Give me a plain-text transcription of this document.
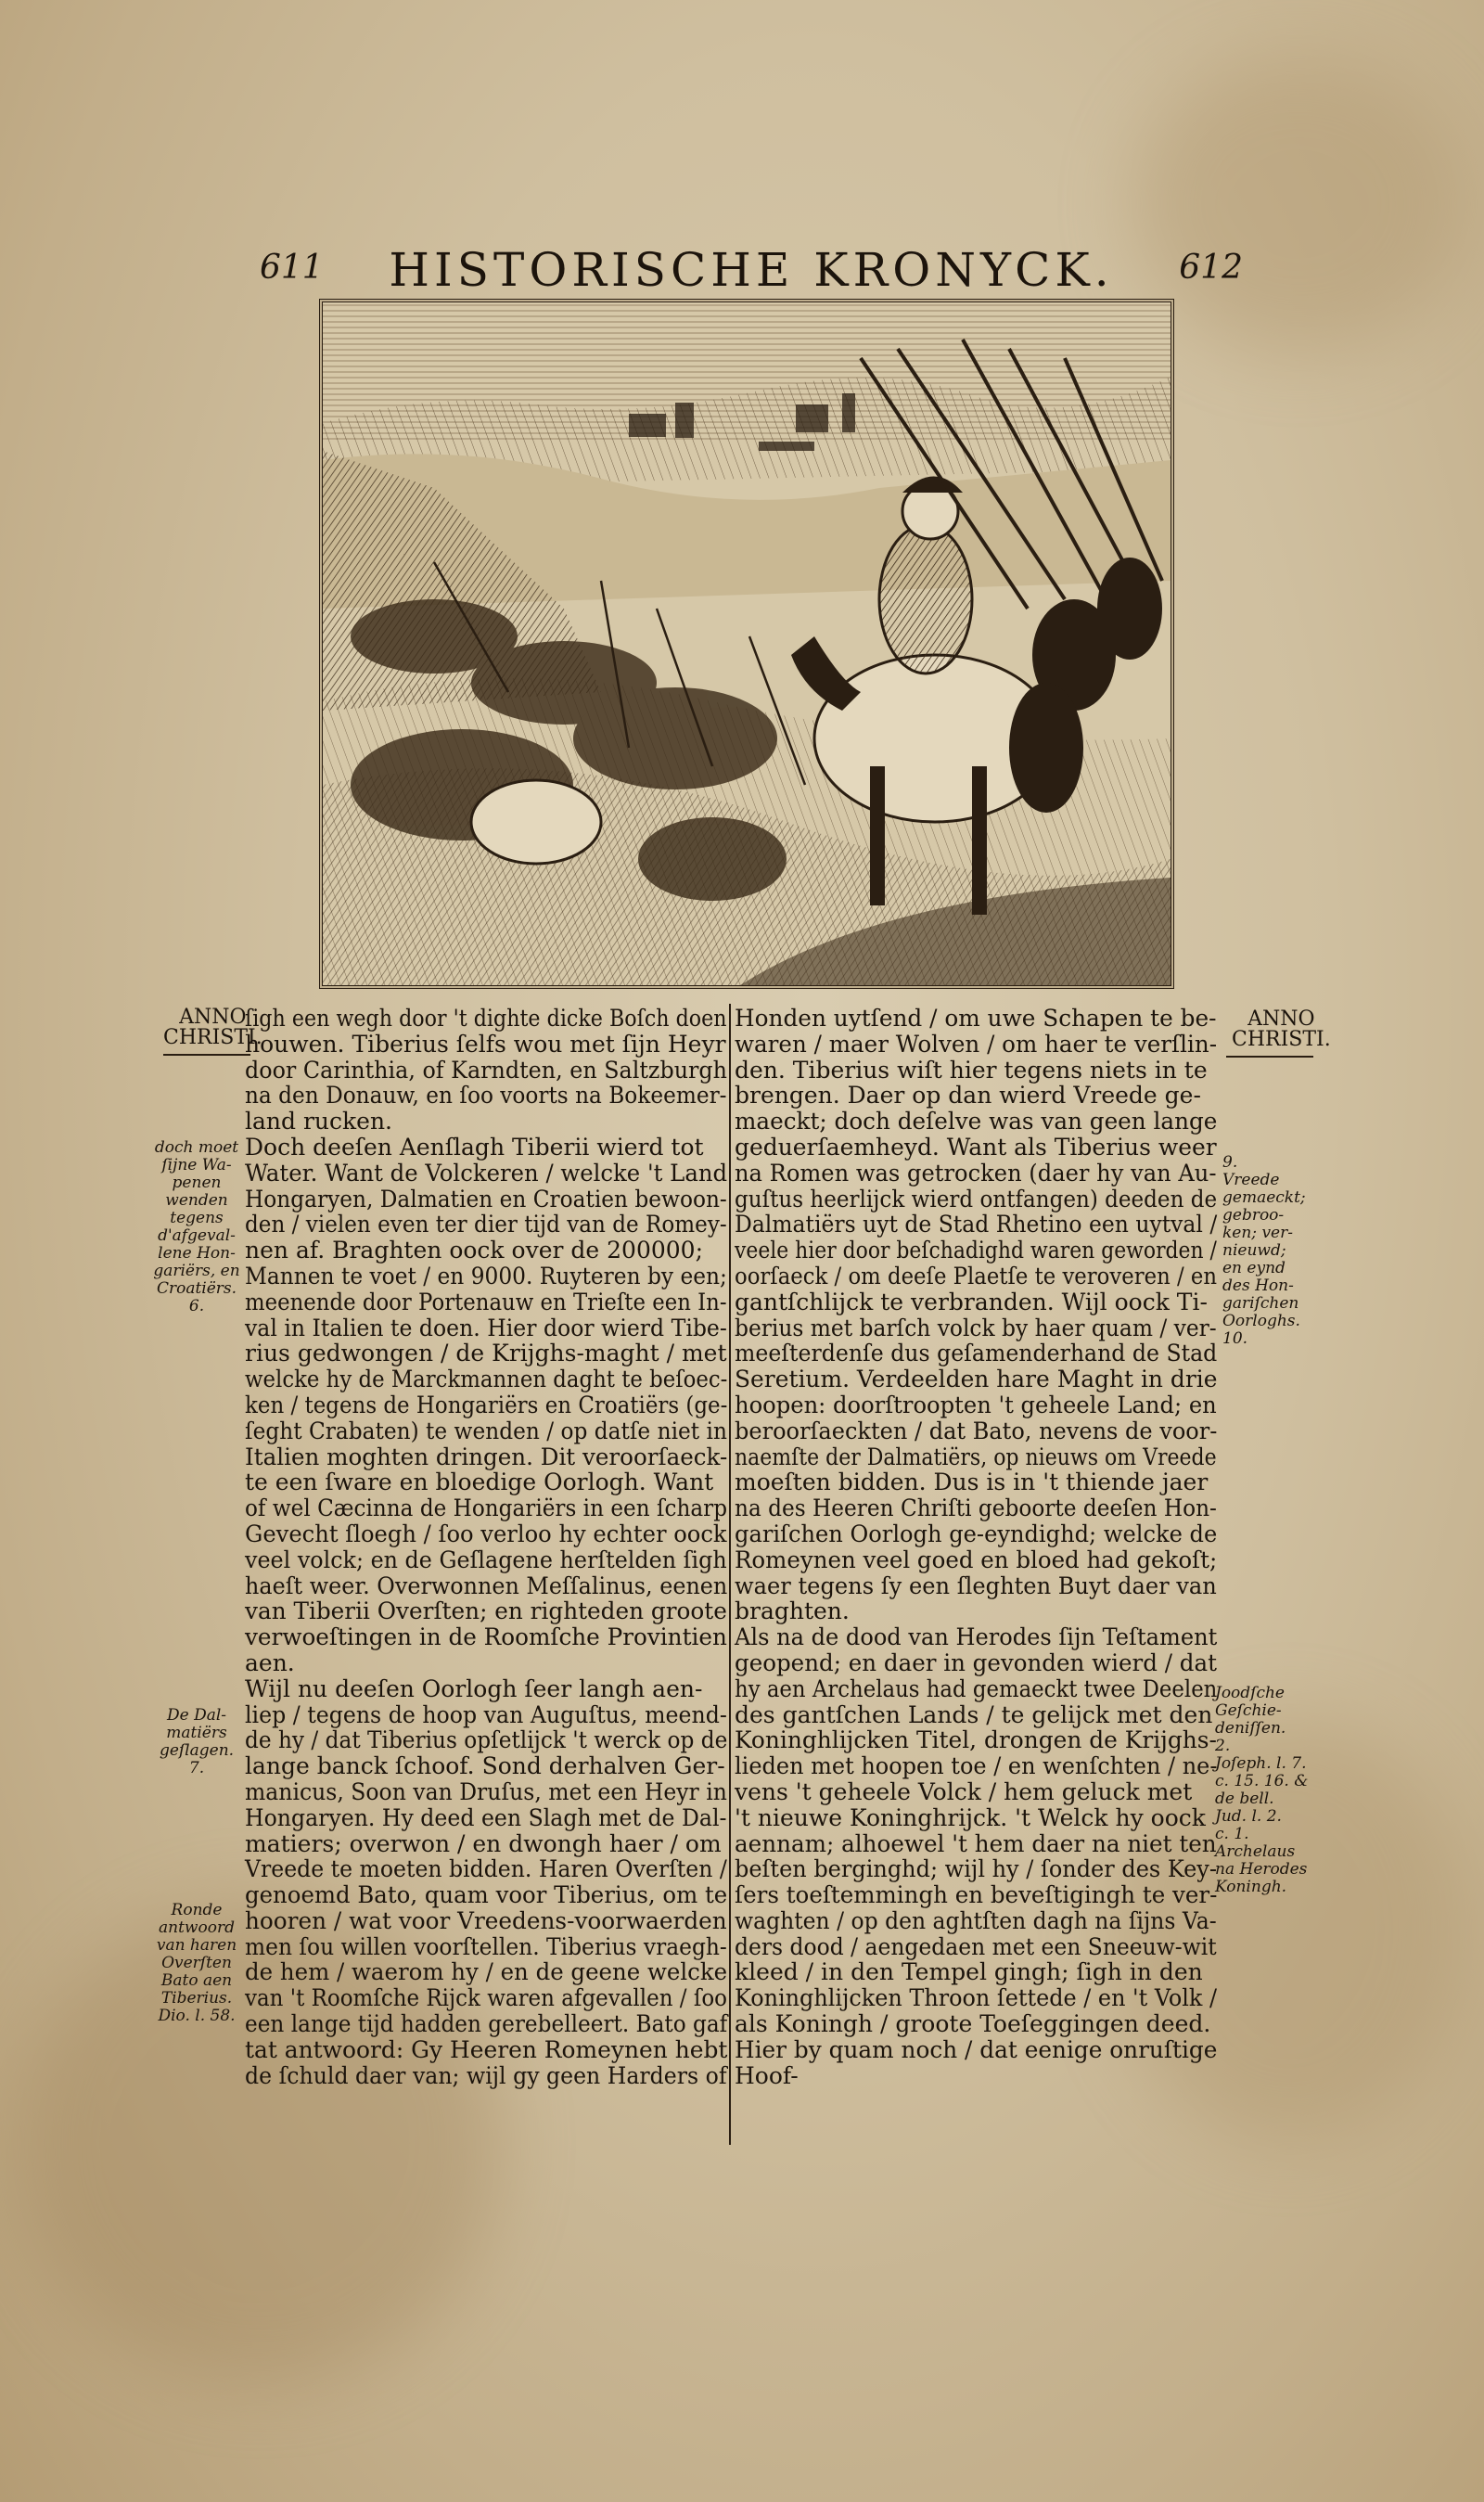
611	HISTORISCHE KRONYCK.	612
ANNO
CHRISTI.
ANNO
CHRISTI.
ſigh een wegh door 't dighte dicke Boſch doen
houwen. Tiberius ſelfs wou met ſijn Heyr
door Carinthia, of Karndten, en Saltzburgh
na den Donauw, en ſoo voorts na Bokeemer-
land rucken.
Doch deeſen Aenſlagh Tiberii wierd tot
Water. Want de Volckeren / welcke 't Land
Hongaryen, Dalmatien en Croatien bewoon-
den / vielen even ter dier tijd van de Romey-
nen af. Braghten oock over de 200000;
Mannen te voet / en 9000. Ruyteren by een;
meenende door Portenauw en Trieſte een In-
val in Italien te doen. Hier door wierd Tibe-
rius gedwongen / de Krijghs-maght / met
welcke hy de Marckmannen daght te beſoec-
ken / tegens de Hongariërs en Croatiërs (ge-
ſeght Crabaten) te wenden / op datſe niet in
Italien moghten dringen. Dit veroorſaeck-
te een ſware en bloedige Oorlogh. Want
of wel Cæcinna de Hongariërs in een ſcharp
Gevecht ſloegh / ſoo verloo hy echter oock
veel volck; en de Geſlagene herſtelden ſigh
haeſt weer. Overwonnen Meſſalinus, eenen
van Tiberii Overſten; en righteden groote
verwoeſtingen in de Roomſche Provintien
aen.
Wijl nu deeſen Oorlogh ſeer langh aen-
liep / tegens de hoop van Auguſtus, meend-
de hy / dat Tiberius opſetlijck 't werck op de
lange banck ſchoof. Sond derhalven Ger-
manicus, Soon van Druſus, met een Heyr in
Hongaryen. Hy deed een Slagh met de Dal-
matiers; overwon / en dwongh haer / om
Vreede te moeten bidden. Haren Overſten /
genoemd Bato, quam voor Tiberius, om te
hooren / wat voor Vreedens-voorwaerden
men ſou willen voorſtellen. Tiberius vraegh-
de hem / waerom hy / en de geene welcke
van 't Roomſche Rijck waren afgevallen / ſoo
een lange tijd hadden gerebelleert. Bato gaf
tat antwoord: Gy Heeren Romeynen hebt
de ſchuld daer van; wijl gy geen Harders of
Honden uytſend / om uwe Schapen te be-
waren / maer Wolven / om haer te verſlin-
den. Tiberius wiſt hier tegens niets in te
brengen. Daer op dan wierd Vreede ge-
maeckt; doch deſelve was van geen lange
geduerſaemheyd. Want als Tiberius weer
na Romen was getrocken (daer hy van Au-
guſtus heerlijck wierd ontfangen) deeden de
Dalmatiërs uyt de Stad Rhetino een uytval /
veele hier door beſchadighd waren geworden /
oorſaeck / om deeſe Plaetſe te veroveren / en
gantſchlijck te verbranden. Wijl oock Ti-
berius met barſch volck by haer quam / ver-
meeſterdenſe dus geſamenderhand de Stad
Seretium. Verdeelden hare Maght in drie
hoopen: doorſtroopten 't geheele Land; en
beroorſaeckten / dat Bato, nevens de voor-
naemſte der Dalmatiërs, op nieuws om Vreede
moeſten bidden. Dus is in 't thiende jaer
na des Heeren Chriſti geboorte deeſen Hon-
gariſchen Oorlogh ge-eyndighd; welcke de
Romeynen veel goed en bloed had gekoſt;
waer tegens ſy een ſleghten Buyt daer van
braghten.
Als na de dood van Herodes ſijn Teſtament
geopend; en daer in gevonden wierd / dat
hy aen Archelaus had gemaeckt twee Deelen
des gantſchen Lands / te gelijck met den
Koninghlijcken Titel, drongen de Krijghs-
lieden met hoopen toe / en wenſchten / ne-
vens 't geheele Volck / hem geluck met
't nieuwe Koninghrijck. 't Welck hy oock
aennam; alhoewel 't hem daer na niet ten
beſten berginghd; wijl hy / ſonder des Key-
ſers toeſtemmingh en beveſtigingh te ver-
waghten / op den aghtſten dagh na ſijns Va-
ders dood / aengedaen met een Sneeuw-wit
kleed / in den Tempel gingh; ſigh in den
Koninghlijcken Throon ſettede / en 't Volk /
als Koningh / groote Toeſeggingen deed.
Hier by quam noch / dat eenige onruſtige
Hoof-
doch moet
ſijne Wa-
penen
wenden
tegens
d'afgeval-
lene Hon-
gariërs, en
Croatiërs.
6.
De Dal-
matiërs
geſlagen.
7.
Ronde
antwoord
van haren
Overſten
Bato aen
Tiberius.
Dio. l. 58.
9.
Vreede
gemaeckt;
gebroo-
ken; ver-
nieuwd;
en eynd
des Hon-
gariſchen
Oorloghs.
10.
Joodſche
Geſchie-
deniſſen.
2.
Joſeph. l. 7.
c. 15. 16. &
de bell.
Jud. l. 2.
c. 1.
Archelaus
na Herodes
Koningh.
